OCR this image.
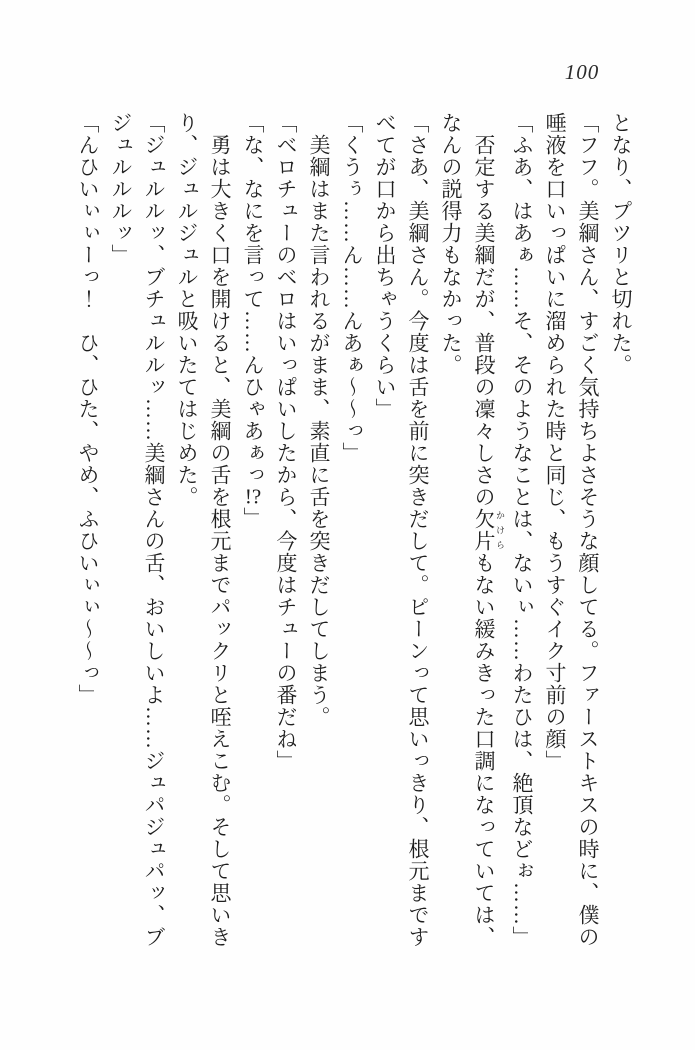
100

となり、プツリと切れた。

「フフ。美綱さん、すごく気持ちよさそうな顔してる。ファーストキスの時に、僕の

唾液を口いっぱいに溜められた時と同じ、もうすぐイク寸前の顔」

「ふあ、はあぁ……そ、そのようなことは、ないぃ……わたひは、絶頂などぉ……」

否定する美綱だが、普段の凜々しさの欠片 かけらもない緩みきった口調になっていては、

なんの説得力もなかった。

「さあ、美綱さん。今度は舌を前に突きだして。ピーンって思いっきり、根元まです

べてが口から出ちゃうくらい」

「くうぅ……ん……んあぁ～～っ」

美綱はまた言われるがまま、素直に舌を突きだしてしまう。

「ベロチューのベロはいっぱいしたから、今度はチューの番だね」

「な、なにを言って……んひゃあぁっ!?」

勇は大きく口を開けると、美綱の舌を根元までパックリと咥えこむ。そして思いき

り、ジュルジュルと吸いたてはじめた。

「ジュルルッ、ブチュルルッ……美綱さんの舌、おいしいよ……ジュパジュパッ、ブ

ジュルルルッ」

「んひいぃぃーっ！　ひ、ひた、やめ、ふひいぃぃ～～っ」
